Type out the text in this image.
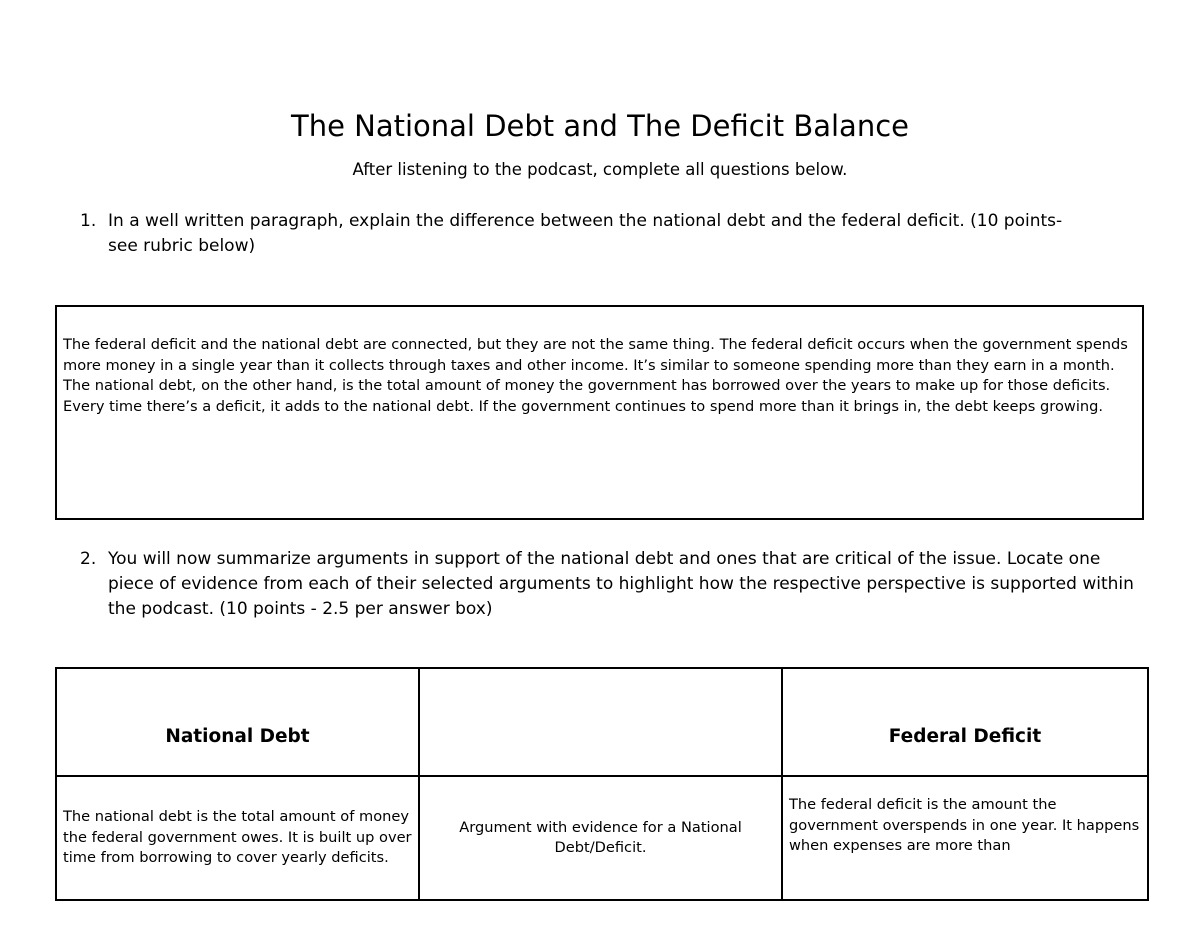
The National Debt and The Deficit Balance
After listening to the podcast, complete all questions below.
1. In a well written paragraph, explain the difference between the national debt and the federal deficit. (10 points-see rubric below)
The federal deficit and the national debt are connected, but they are not the same thing. The federal deficit occurs when the government spends more money in a single year than it collects through taxes and other income. It’s similar to someone spending more than they earn in a month. The national debt, on the other hand, is the total amount of money the government has borrowed over the years to make up for those deficits. Every time there’s a deficit, it adds to the national debt. If the government continues to spend more than it brings in, the debt keeps growing.
2. You will now summarize arguments in support of the national debt and ones that are critical of the issue. Locate one piece of evidence from each of their selected arguments to highlight how the respective perspective is supported within the podcast. (10 points - 2.5 per answer box)
National Debt		Federal Deficit
The national debt is the total amount of money the federal government owes. It is built up over time from borrowing to cover yearly deficits.	Argument with evidence for a National Debt/Deficit.	The federal deficit is the amount the government overspends in one year. It happens when expenses are more than
